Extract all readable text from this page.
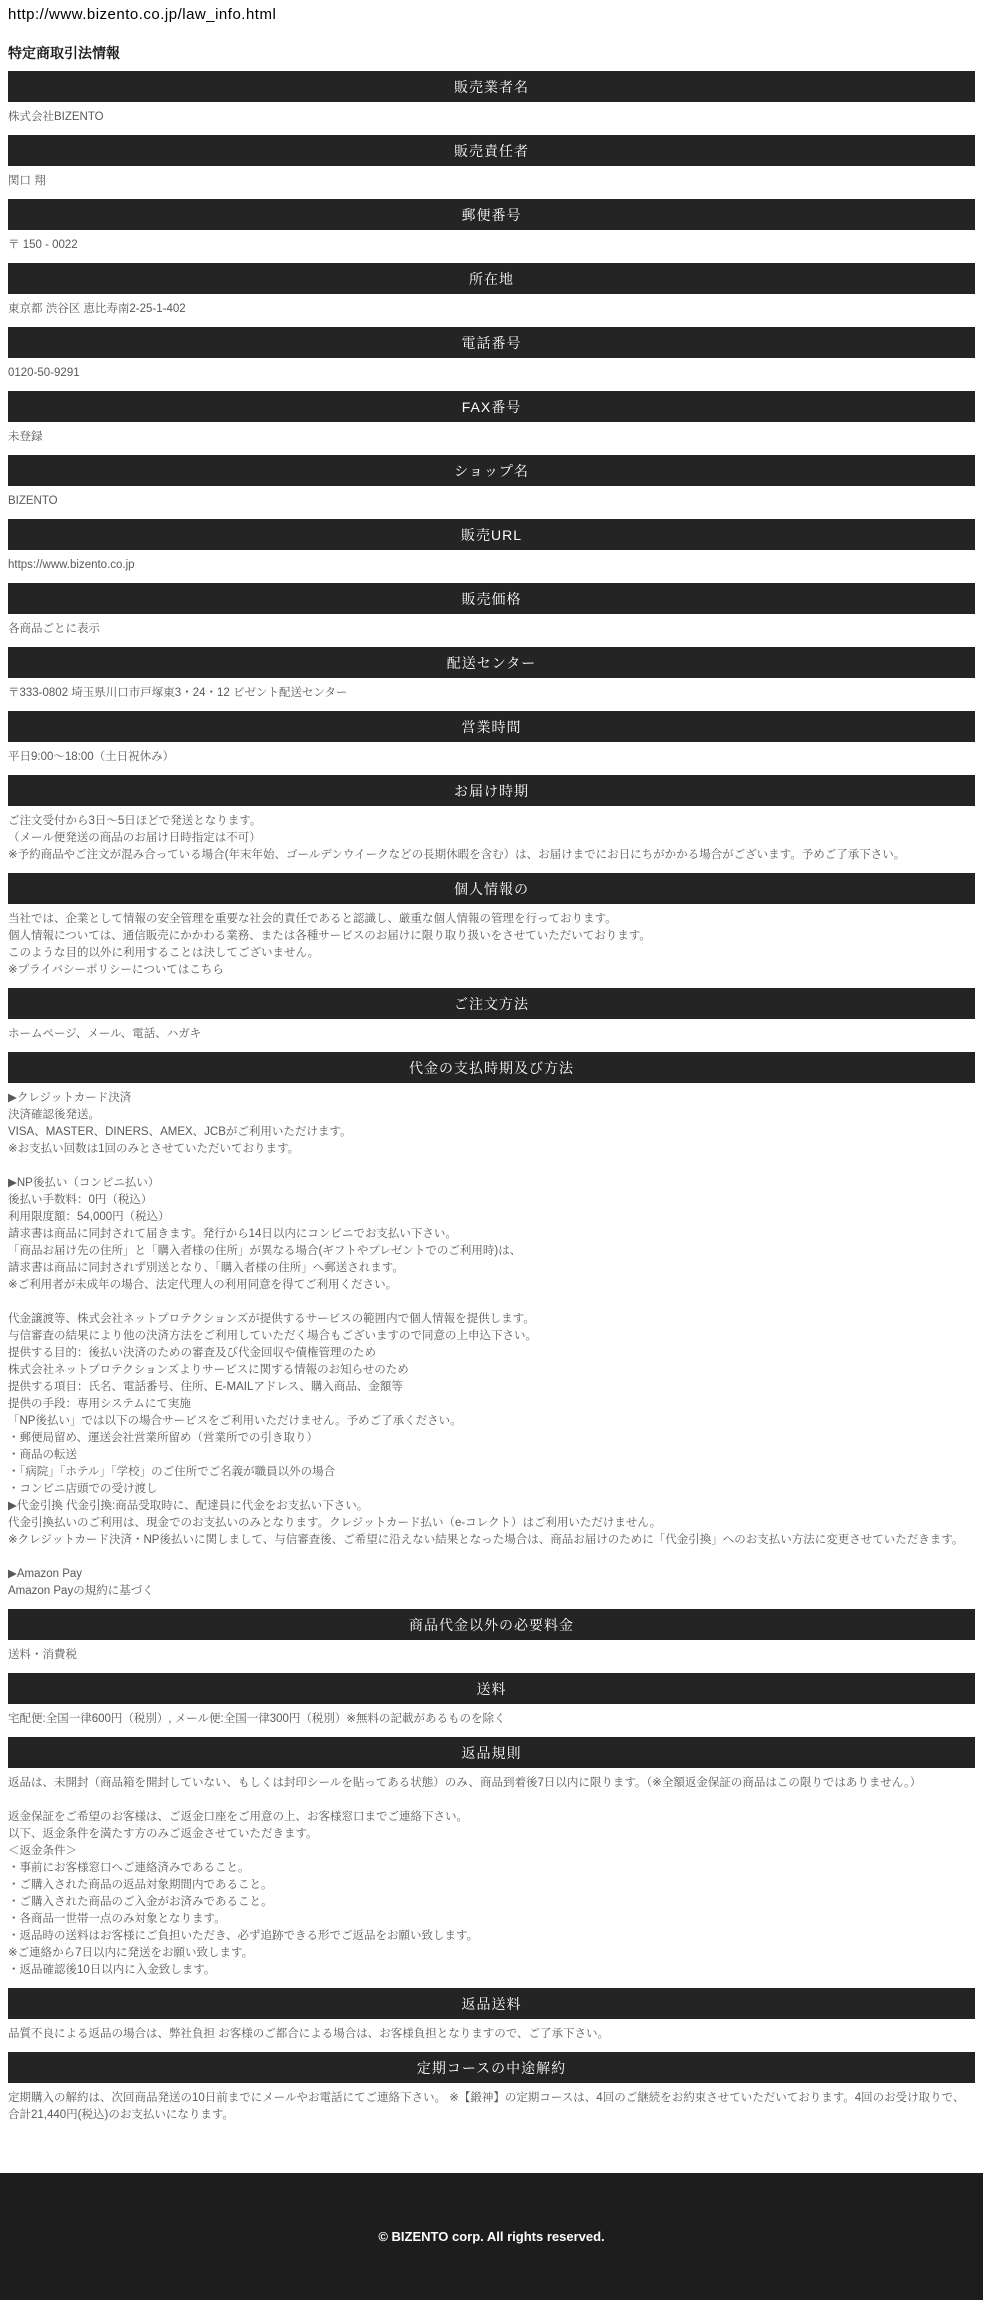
http://www.bizento.co.jp/law_info.html
特定商取引法情報
販売業者名
株式会社BIZENTO
販売責任者
関口 翔
郵便番号
〒 150 - 0022
所在地
東京都 渋谷区 恵比寿南2-25-1-402
電話番号
0120-50-9291
FAX番号
未登録
ショップ名
BIZENTO
販売URL
https://www.bizento.co.jp
販売価格
各商品ごとに表示
配送センター
〒333-0802 埼玉県川口市戸塚東3・24・12 ビゼント配送センター
営業時間
平日9:00～18:00（土日祝休み）
お届け時期
ご注文受付から3日～5日ほどで発送となります。
（メール便発送の商品のお届け日時指定は不可）
※予約商品やご注文が混み合っている場合(年末年始、ゴールデンウイークなどの長期休暇を含む）は、お届けまでにお日にちがかかる場合がございます。予めご了承下さい。
個人情報の
当社では、企業として情報の安全管理を重要な社会的責任であると認識し、厳重な個人情報の管理を行っております。
個人情報については、通信販売にかかわる業務、または各種サービスのお届けに限り取り扱いをさせていただいております。
このような目的以外に利用することは決してございません。
※プライバシーポリシーについてはこちら
ご注文方法
ホームページ、メール、電話、ハガキ
代金の支払時期及び方法
▶クレジットカード決済
決済確認後発送。
VISA、MASTER、DINERS、AMEX、JCBがご利用いただけます。
※お支払い回数は1回のみとさせていただいております。
▶NP後払い（コンビニ払い）
後払い手数料：0円（税込）
利用限度額：54,000円（税込）
請求書は商品に同封されて届きます。発行から14日以内にコンビニでお支払い下さい。
「商品お届け先の住所」と「購入者様の住所」が異なる場合(ギフトやプレゼントでのご利用時)は、
請求書は商品に同封されず別送となり、「購入者様の住所」へ郵送されます。
※ご利用者が未成年の場合、法定代理人の利用同意を得てご利用ください。
代金譲渡等、株式会社ネットプロテクションズが提供するサービスの範囲内で個人情報を提供します。
与信審査の結果により他の決済方法をご利用していただく場合もございますので同意の上申込下さい。
提供する目的：後払い決済のための審査及び代金回収や債権管理のため
株式会社ネットプロテクションズよりサービスに関する情報のお知らせのため
提供する項目：氏名、電話番号、住所、E-MAILアドレス、購入商品、金額等
提供の手段：専用システムにて実施
「NP後払い」では以下の場合サービスをご利用いただけません。予めご了承ください。
・郵便局留め、運送会社営業所留め（営業所での引き取り）
・商品の転送
・「病院」「ホテル」「学校」のご住所でご名義が職員以外の場合
・コンビニ店頭での受け渡し
▶代金引換 代金引換:商品受取時に、配達員に代金をお支払い下さい。
代金引換払いのご利用は、現金でのお支払いのみとなります。クレジットカード払い（e-コレクト）はご利用いただけません。
※クレジットカード決済・NP後払いに関しまして、与信審査後、ご希望に沿えない結果となった場合は、商品お届けのために「代金引換」へのお支払い方法に変更させていただきます。
▶Amazon Pay
Amazon Payの規約に基づく
商品代金以外の必要料金
送料・消費税
送料
宅配便:全国一律600円（税別）, メール便:全国一律300円（税別）※無料の記載があるものを除く
返品規則
返品は、未開封（商品箱を開封していない、もしくは封印シールを貼ってある状態）のみ、商品到着後7日以内に限ります。（※全額返金保証の商品はこの限りではありません。）
返金保証をご希望のお客様は、ご返金口座をご用意の上、お客様窓口までご連絡下さい。
以下、返金条件を満たす方のみご返金させていただきます。
＜返金条件＞
・事前にお客様窓口へご連絡済みであること。
・ご購入された商品の返品対象期間内であること。
・ご購入された商品のご入金がお済みであること。
・各商品一世帯一点のみ対象となります。
・返品時の送料はお客様にご負担いただき、必ず追跡できる形でご返品をお願い致します。
※ご連絡から7日以内に発送をお願い致します。
・返品確認後10日以内に入金致します。
返品送料
品質不良による返品の場合は、弊社負担 お客様のご都合による場合は、お客様負担となりますので、ご了承下さい。
定期コースの中途解約
定期購入の解約は、次回商品発送の10日前までにメールやお電話にてご連絡下さい。 ※【鍛神】の定期コースは、4回のご継続をお約束させていただいております。4回のお受け取りで、合計21,440円(税込)のお支払いになります。
© BIZENTO corp. All rights reserved.
